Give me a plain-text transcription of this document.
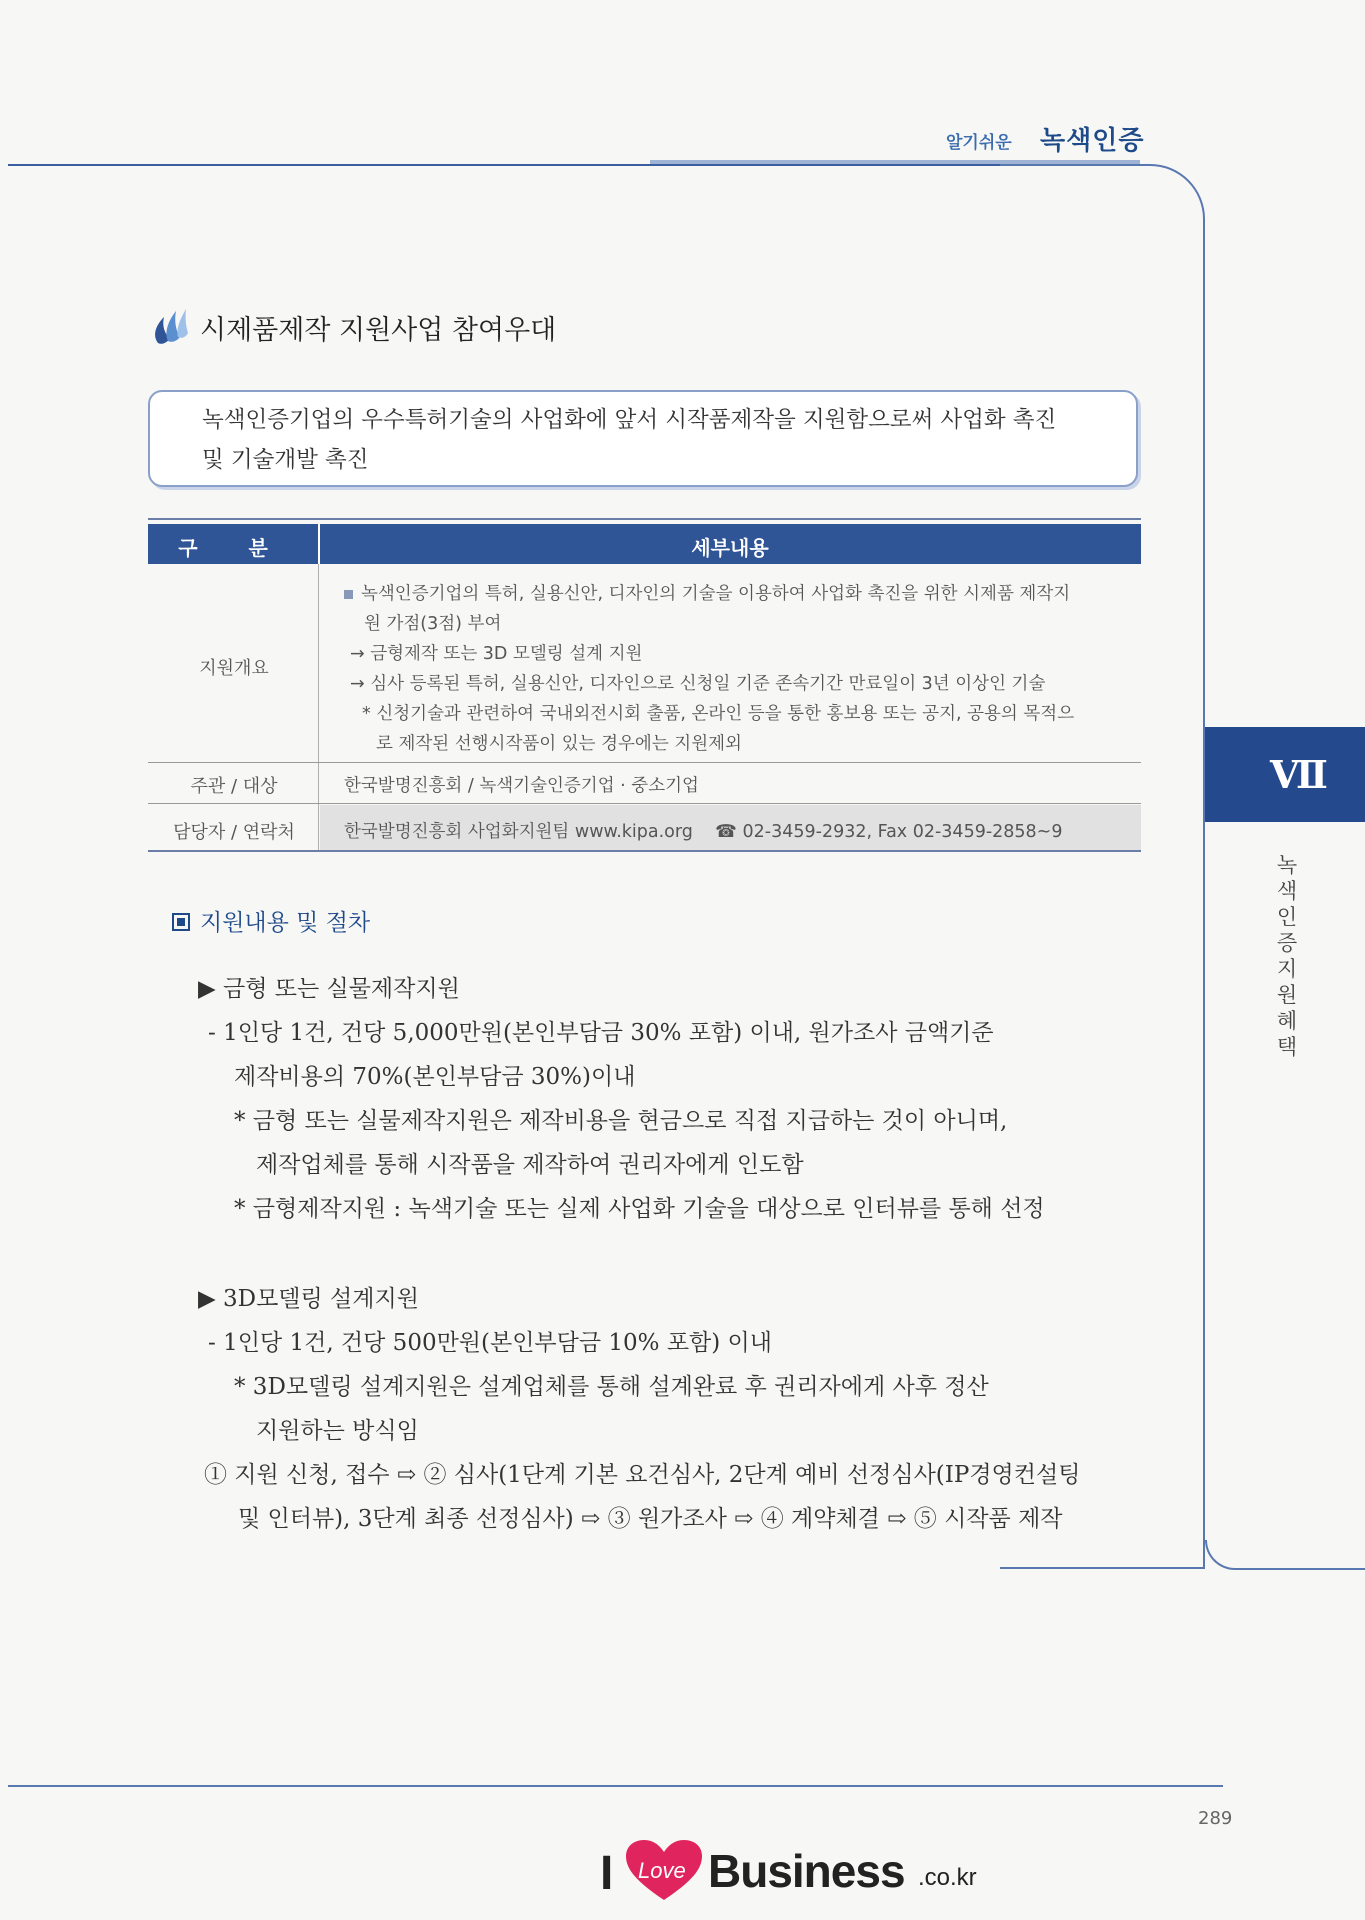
알기쉬운 녹색인증
Ⅶ
녹색인증 지원혜택
시제품제작 지원사업 참여우대
녹색인증기업의 우수특허기술의 사업화에 앞서 시작품제작을 지원함으로써 사업화 촉진
및 기술개발 촉진
구 분	세부내용
지원개요
녹색인증기업의 특허, 실용신안, 디자인의 기술을 이용하여 사업화 촉진을 위한 시제품 제작지
원 가점(3점) 부여
→ 금형제작 또는 3D 모델링 설계 지원
→ 심사 등록된 특허, 실용신안, 디자인으로 신청일 기준 존속기간 만료일이 3년 이상인 기술
* 신청기술과 관련하여 국내외전시회 출품, 온라인 등을 통한 홍보용 또는 공지, 공용의 목적으
로 제작된 선행시작품이 있는 경우에는 지원제외
주관 / 대상	한국발명진흥회 / 녹색기술인증기업 · 중소기업
담당자 / 연락처	한국발명진흥회 사업화지원팀 www.kipa.org ☎ 02-3459-2932, Fax 02-3459-2858~9
지원내용 및 절차
▶ 금형 또는 실물제작지원
- 1인당 1건, 건당 5,000만원(본인부담금 30% 포함) 이내, 원가조사 금액기준
제작비용의 70%(본인부담금 30%)이내
* 금형 또는 실물제작지원은 제작비용을 현금으로 직접 지급하는 것이 아니며,
제작업체를 통해 시작품을 제작하여 권리자에게 인도함
* 금형제작지원 : 녹색기술 또는 실제 사업화 기술을 대상으로 인터뷰를 통해 선정
▶ 3D모델링 설계지원
- 1인당 1건, 건당 500만원(본인부담금 10% 포함) 이내
* 3D모델링 설계지원은 설계업체를 통해 설계완료 후 권리자에게 사후 정산
지원하는 방식임
① 지원 신청, 접수 ⇨ ② 심사(1단계 기본 요건심사, 2단계 예비 선정심사(IP경영컨설팅
및 인터뷰), 3단계 최종 선정심사) ⇨ ③ 원가조사 ⇨ ④ 계약체결 ⇨ ⑤ 시작품 제작
289
I Love Business .co.kr
